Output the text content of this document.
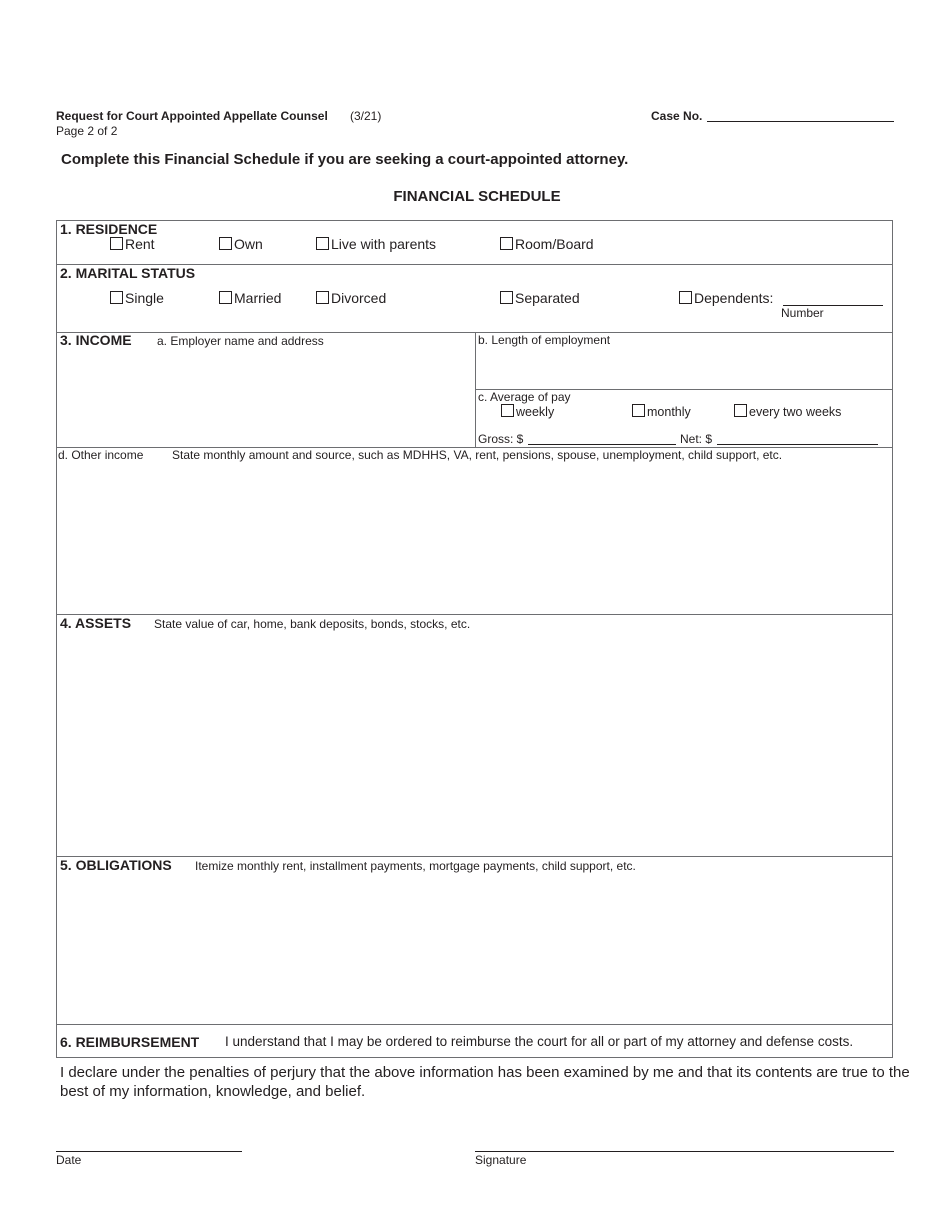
Request for Court Appointed Appellate Counsel (3/21)
Page 2 of 2
Case No.
Complete this Financial Schedule if you are seeking a court-appointed attorney.
FINANCIAL SCHEDULE
1. RESIDENCE
Rent	Own	Live with parents	Room/Board
2. MARITAL STATUS
Single	Married	Divorced	Separated	Dependents:
Number
3. INCOME a. Employer name and address	b. Length of employment
c. Average of pay
weekly	monthly	every two weeks
Gross: $	Net: $
d. Other income State monthly amount and source, such as MDHHS, VA, rent, pensions, spouse, unemployment, child support, etc.
4. ASSETS State value of car, home, bank deposits, bonds, stocks, etc.
5. OBLIGATIONS Itemize monthly rent, installment payments, mortgage payments, child support, etc.
6. REIMBURSEMENT I understand that I may be ordered to reimburse the court for all or part of my attorney and defense costs.
I declare under the penalties of perjury that the above information has been examined by me and that its contents are true to the best of my information, knowledge, and belief.
Date	Signature
